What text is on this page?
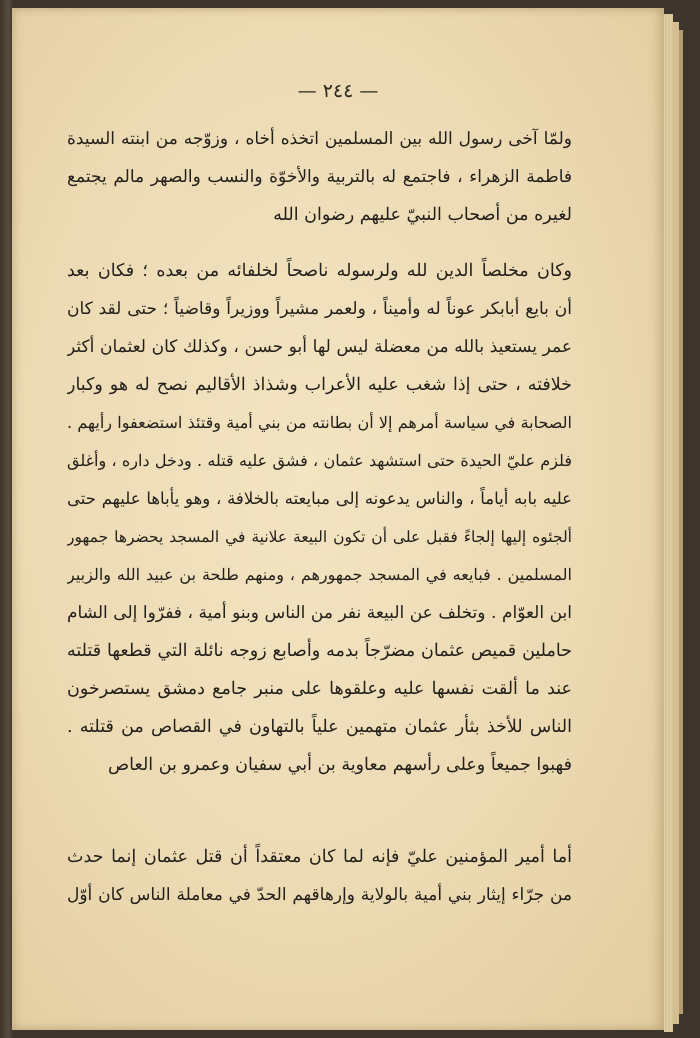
— ٢٤٤ —
ولمّا آخى رسول الله بين المسلمين اتخذه أخاه ، وزوّجه من ابنته السيدة
فاطمة الزهراء ، فاجتمع له بالتربية والأخوّة والنسب والصهر مالم يجتمع
لغيره من أصحاب النبيّ عليهم رضوان الله
وكان مخلصاً الدين لله ولرسوله ناصحاً لخلفائه من بعده ؛ فكان بعد
أن بايع أبابكر عوناً له وأميناً ، ولعمر مشيراً ووزيراً وقاضياً ؛ حتى لقد كان
عمر يستعيذ بالله من معضلة ليس لها أبو حسن ، وكذلك كان لعثمان أكثر
خلافته ، حتى إذا شغب عليه الأعراب وشذاذ الأقاليم نصح له هو وكبار
الصحابة في سياسة أمرهم إلا أن بطانته من بني أمية وقتئذ استضعفوا رأيهم .
فلزم عليّ الحيدة حتى استشهد عثمان ، فشق عليه قتله . ودخل داره ، وأغلق
عليه بابه أياماً ، والناس يدعونه إلى مبايعته بالخلافة ، وهو يأباها عليهم حتى
ألجئوه إليها إلجاءً فقبل على أن تكون البيعة علانية في المسجد يحضرها جمهور
المسلمين . فبايعه في المسجد جمهورهم ، ومنهم طلحة بن عبيد الله والزبير
ابن العوّام . وتخلف عن البيعة نفر من الناس وبنو أمية ، ففرّوا إلى الشام
حاملين قميص عثمان مضرّجاً بدمه وأصابع زوجه نائلة التي قطعها قتلته
عند ما ألقت نفسها عليه وعلقوها على منبر جامع دمشق يستصرخون
الناس للأخذ بثأر عثمان متهمين علياً بالتهاون في القصاص من قتلته .
فهبوا جميعاً وعلى رأسهم معاوية بن أبي سفيان وعمرو بن العاص
أما أمير المؤمنين عليّ فإنه لما كان معتقداً أن قتل عثمان إنما حدث
من جرّاء إيثار بني أمية بالولاية وإرهاقهم الحدّ في معاملة الناس كان أوّل
